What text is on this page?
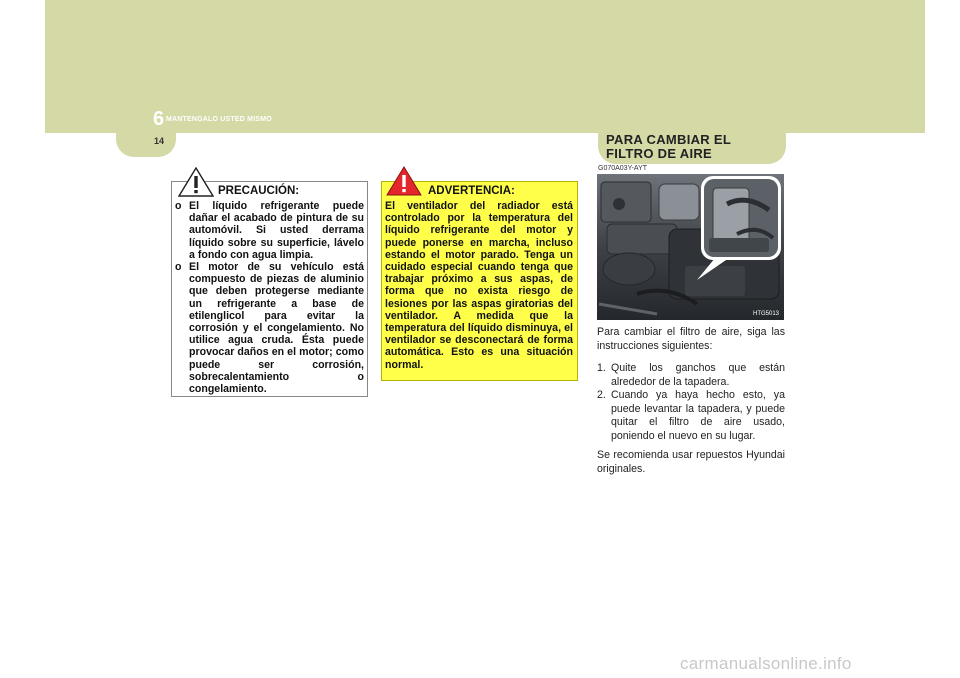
6 MANTENGALO USTED MISMO
14	PARA CAMBIAR EL FILTRO DE AIRE
PRECAUCIÓN:
o El líquido refrigerante puede dañar el acabado de pintura de su automóvil. Si usted derrama líquido sobre su superficie, lávelo a fondo con agua limpia.
o El motor de su vehículo está compuesto de piezas de aluminio que deben protegerse mediante un refrigerante a base de etilenglicol para evitar la corrosión y el congelamiento. No utilice agua cruda. Ésta puede provocar daños en el motor; como puede ser corrosión, sobrecalentamiento o congelamiento.
ADVERTENCIA:
El ventilador del radiador está controlado por la temperatura del líquido refrigerante del motor y puede ponerse en marcha, incluso estando el motor parado. Tenga un cuidado especial cuando tenga que trabajar próximo a sus aspas, de forma que no exista riesgo de lesiones por las aspas giratorias del ventilador. A medida que la temperatura del líquido disminuya, el ventilador se desconectará de forma automática. Esto es una situación normal.
G070A03Y-AYT
HTG5013
Para cambiar el filtro de aire, siga las instrucciones siguientes:
1. Quite los ganchos que están alrededor de la tapadera.
2. Cuando ya haya hecho esto, ya puede levantar la tapadera, y puede quitar el filtro de aire usado, poniendo el nuevo en su lugar.
Se recomienda usar repuestos Hyundai originales.
carmanualsonline.info
